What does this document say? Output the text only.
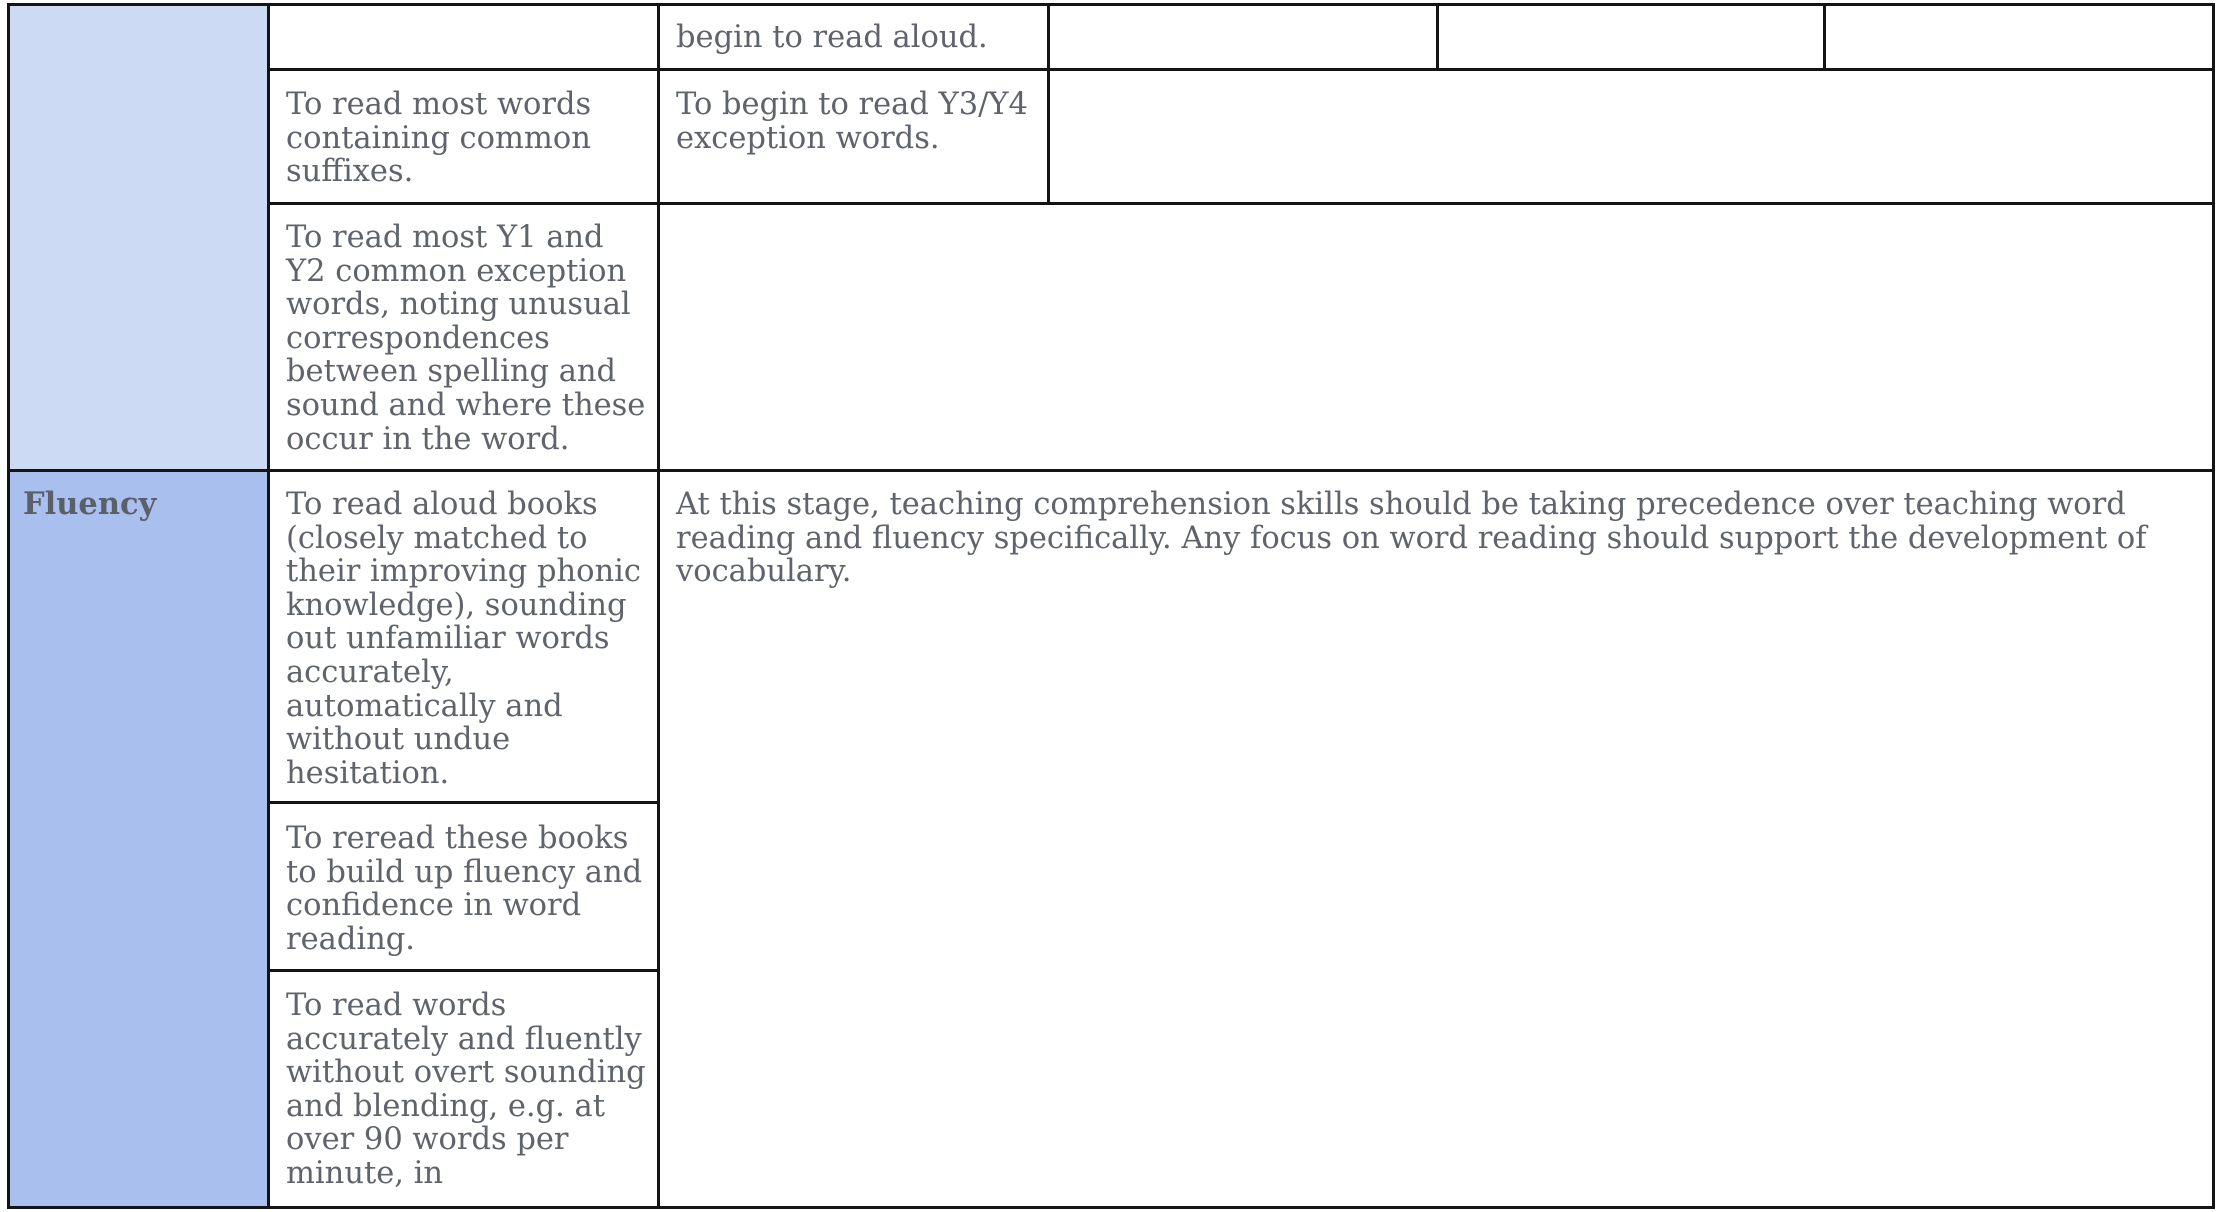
begin to read aloud.
To read most words containing common suffixes.
To begin to read Y3/Y4 exception words.
To read most Y1 and Y2 common exception words, noting unusual correspondences between spelling and sound and where these occur in the word.
Fluency	To read aloud books (closely matched to their improving phonic knowledge), sounding out unfamiliar words accurately, automatically and without undue hesitation.
At this stage, teaching comprehension skills should be taking precedence over teaching word reading and fluency specifically. Any focus on word reading should support the development of vocabulary.
To reread these books to build up fluency and confidence in word reading.
To read words accurately and fluently without overt sounding and blending, e.g. at over 90 words per minute, in
